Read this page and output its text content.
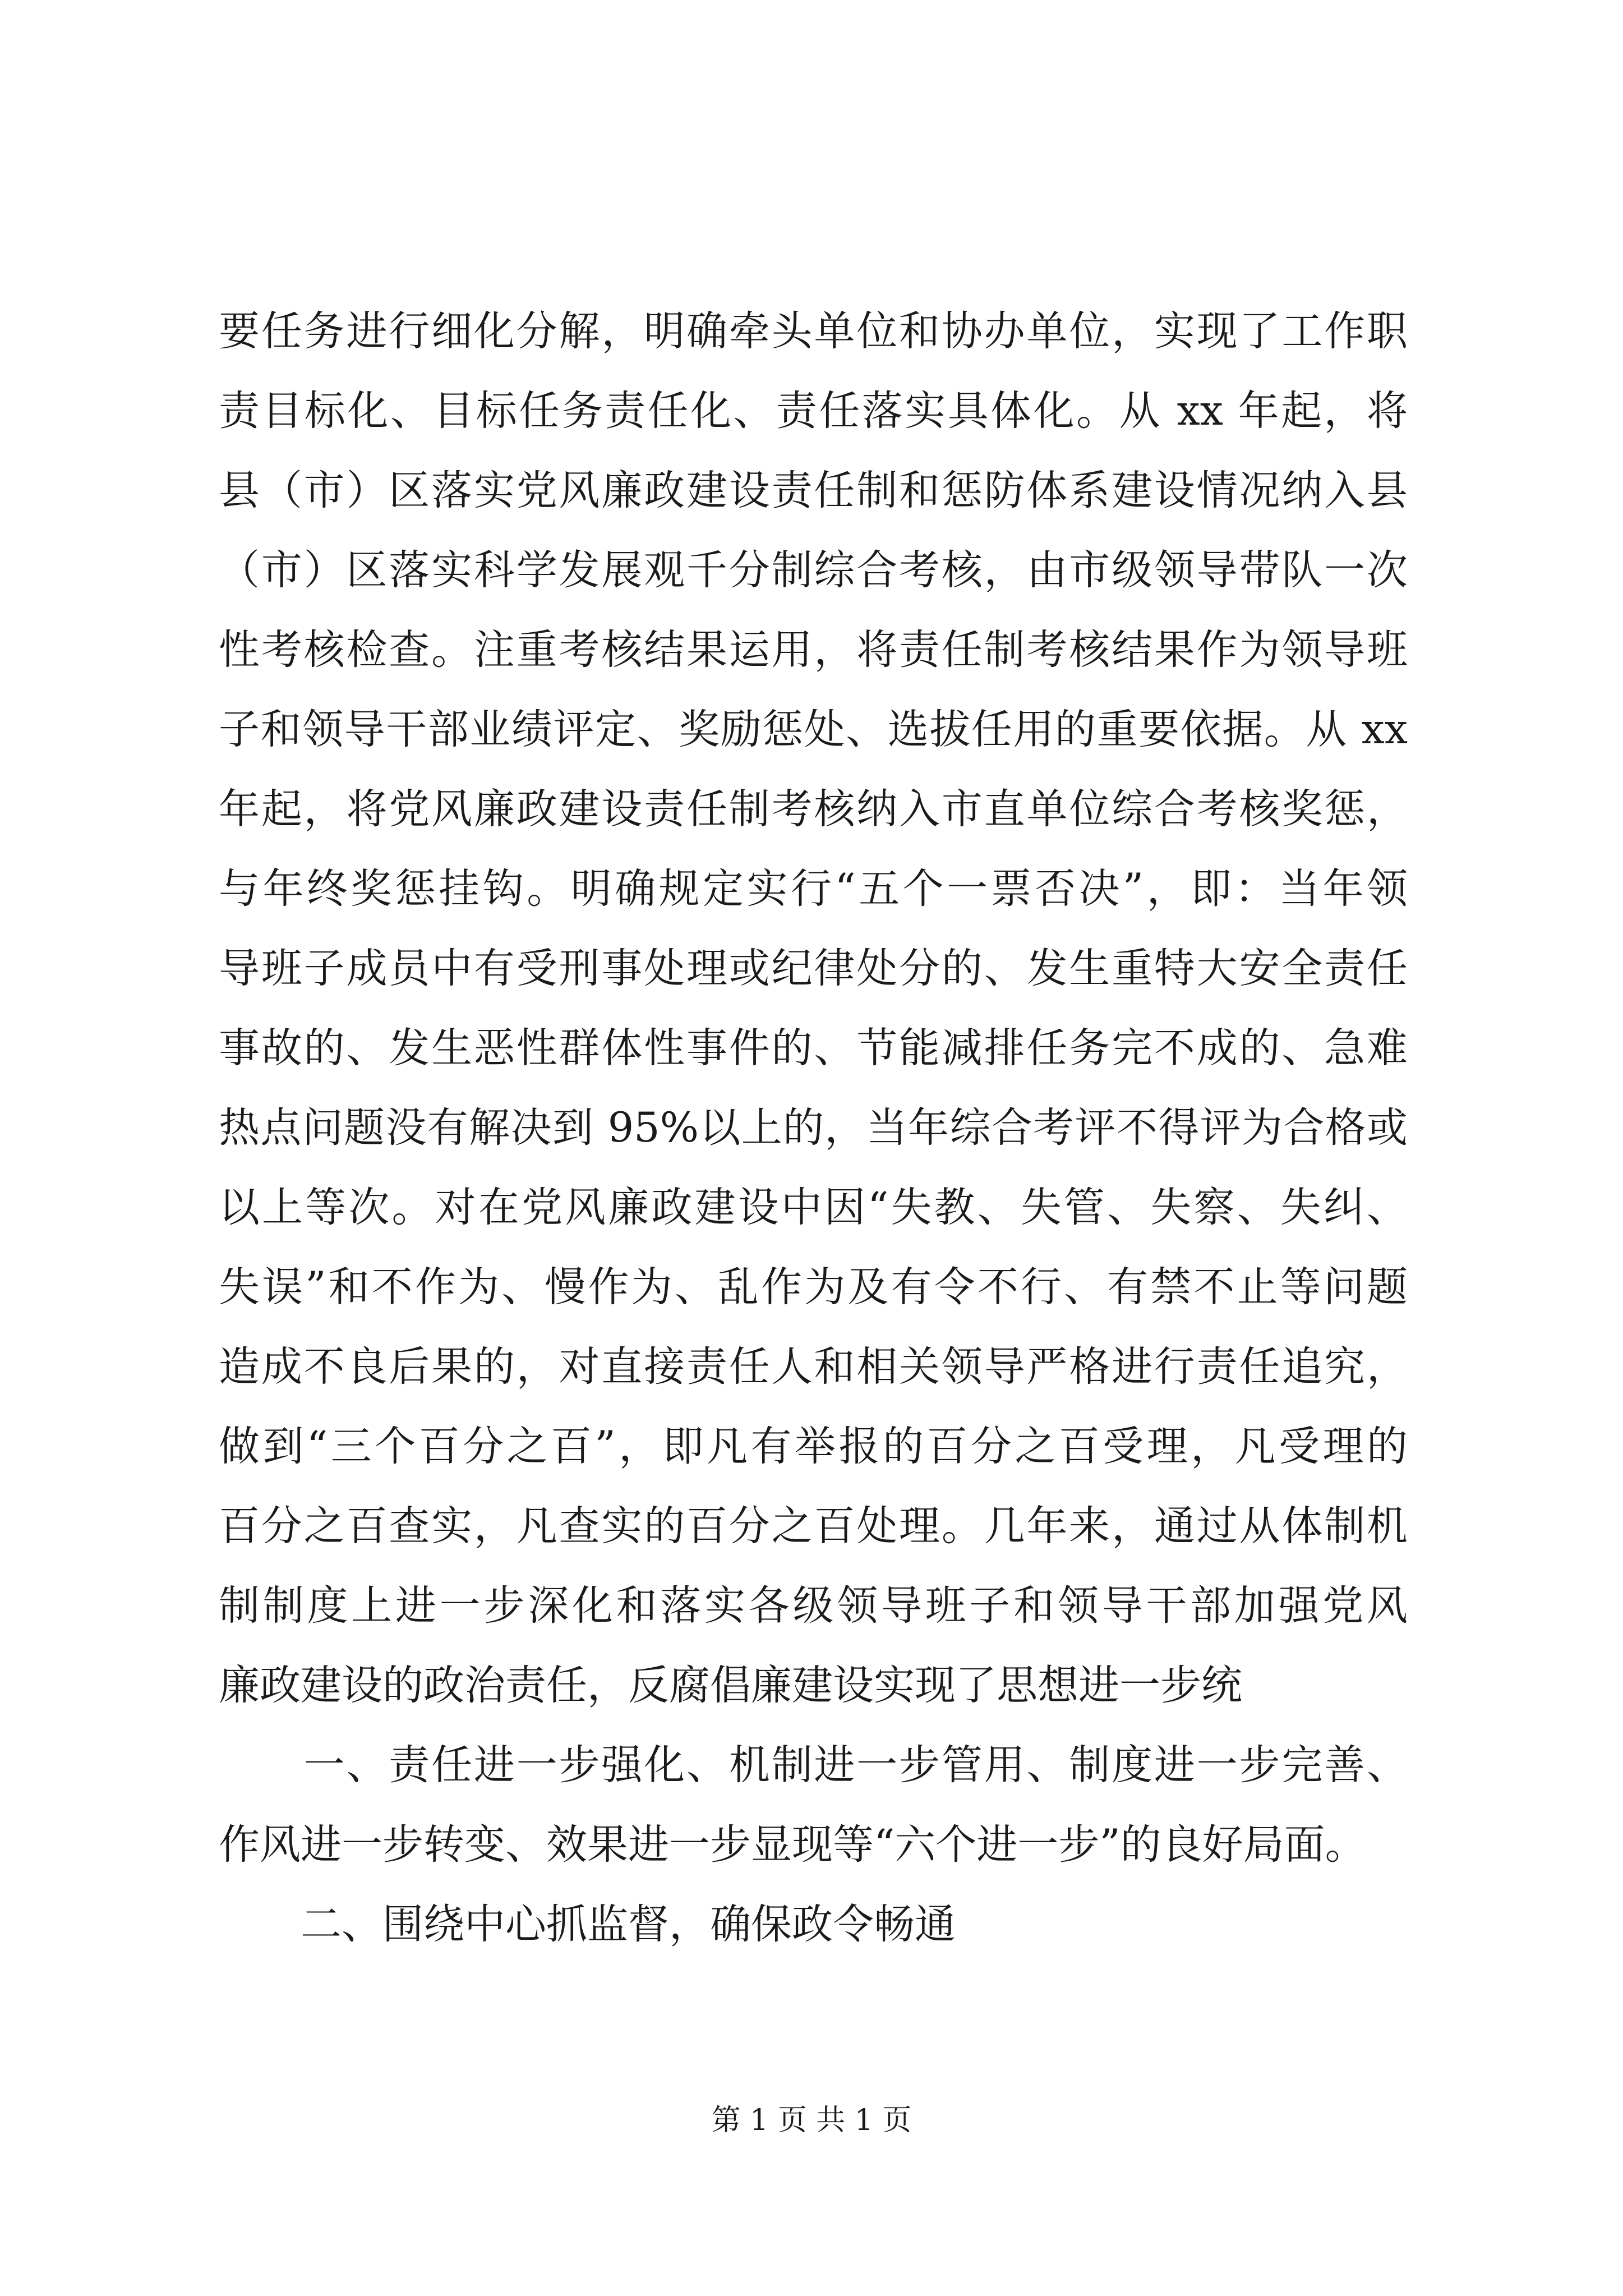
要任务进行细化分解，明确牵头单位和协办单位，实现了工作职
责目标化、目标任务责任化、责任落实具体化。从 xx 年起，将
县（市）区落实党风廉政建设责任制和惩防体系建设情况纳入县
（市）区落实科学发展观千分制综合考核，由市级领导带队一次
性考核检查。注重考核结果运用，将责任制考核结果作为领导班
子和领导干部业绩评定、奖励惩处、选拔任用的重要依据。从 xx
年起，将党风廉政建设责任制考核纳入市直单位综合考核奖惩，
与年终奖惩挂钩。明确规定实行“五个一票否决”，即：当年领
导班子成员中有受刑事处理或纪律处分的、发生重特大安全责任
事故的、发生恶性群体性事件的、节能减排任务完不成的、急难
热点问题没有解决到 95%以上的，当年综合考评不得评为合格或
以上等次。对在党风廉政建设中因“失教、失管、失察、失纠、
失误”和不作为、慢作为、乱作为及有令不行、有禁不止等问题
造成不良后果的，对直接责任人和相关领导严格进行责任追究，
做到“三个百分之百”，即凡有举报的百分之百受理，凡受理的
百分之百查实，凡查实的百分之百处理。几年来，通过从体制机
制制度上进一步深化和落实各级领导班子和领导干部加强党风
廉政建设的政治责任，反腐倡廉建设实现了思想进一步统
　　一、责任进一步强化、机制进一步管用、制度进一步完善、
作风进一步转变、效果进一步显现等“六个进一步”的良好局面。
　　二、围绕中心抓监督，确保政令畅通
第 1 页 共 1 页
